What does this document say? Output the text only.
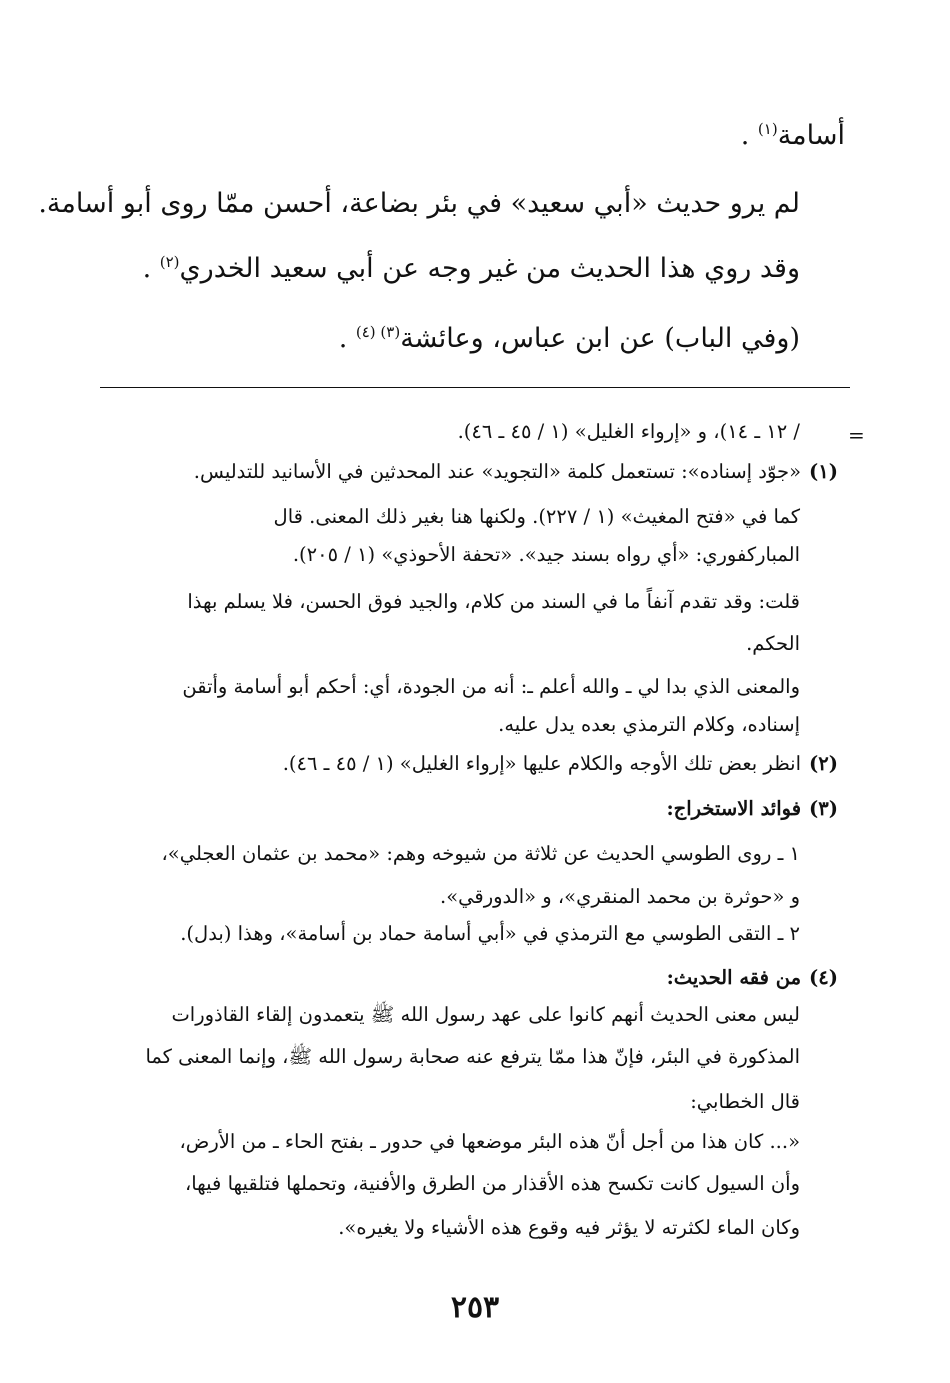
أسامة$^{(١)}$ .
لم يرو حديث «أبي سعيد» في بئر بضاعة، أحسن ممّا روى أبو أسامة.
وقد روي هذا الحديث من غير وجه عن أبي سعيد الخدري$^{(٢)}$ .
(وفي الباب) عن ابن عباس، وعائشة$^{(٣) (٤)}$ .
=
/ ١٢ ـ ١٤)، و «إرواء الغليل» (١ / ٤٥ ـ ٤٦).
(١)«جوّد إسناده»: تستعمل كلمة «التجويد» عند المحدثين في الأسانيد للتدليس.
كما في «فتح المغيث» (١ / ٢٢٧). ولكنها هنا بغير ذلك المعنى. قال
المباركفوري: «أي رواه بسند جيد». «تحفة الأحوذي» (١ / ٢٠٥).
قلت: وقد تقدم آنفاً ما في السند من كلام، والجيد فوق الحسن، فلا يسلم بهذا
الحكم.
والمعنى الذي بدا لي ـ والله أعلم ـ: أنه من الجودة، أي: أحكم أبو أسامة وأتقن
إسناده، وكلام الترمذي بعده يدل عليه.
(٢)انظر بعض تلك الأوجه والكلام عليها «إرواء الغليل» (١ / ٤٥ ـ ٤٦).
(٣)فوائد الاستخراج:
١ ـ روى الطوسي الحديث عن ثلاثة من شيوخه وهم: «محمد بن عثمان العجلي»،
و «حوثرة بن محمد المنقري»، و «الدورقي».
٢ ـ التقى الطوسي مع الترمذي في «أبي أسامة حماد بن أسامة»، وهذا (بدل).
(٤)من فقه الحديث:
ليس معنى الحديث أنهم كانوا على عهد رسول الله ﷺ يتعمدون إلقاء القاذورات
المذكورة في البئر، فإنّ هذا ممّا يترفع عنه صحابة رسول الله ﷺ، وإنما المعنى كما
قال الخطابي:
«... كان هذا من أجل أنّ هذه البئر موضعها في حدور ـ بفتح الحاء ـ من الأرض،
وأن السيول كانت تكسح هذه الأقذار من الطرق والأفنية، وتحملها فتلقيها فيها،
وكان الماء لكثرته لا يؤثر فيه وقوع هذه الأشياء ولا يغيره».
٢٥٣
